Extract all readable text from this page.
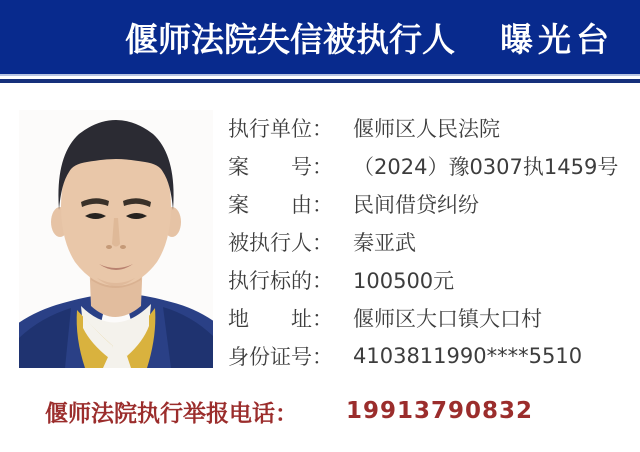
偃师法院失信被执行人 曝光台
执行单位 ： 偃师区人民法院
案号 ： （2024）豫0307执1459号
案由 ： 民间借贷纠纷
被执行人 ： 秦亚武
执行标的 ： 100500元
地址 ： 偃师区大口镇大口村
身份证号 ： 4103811990****5510
偃师法院执行举报电话 ： 19913790832
